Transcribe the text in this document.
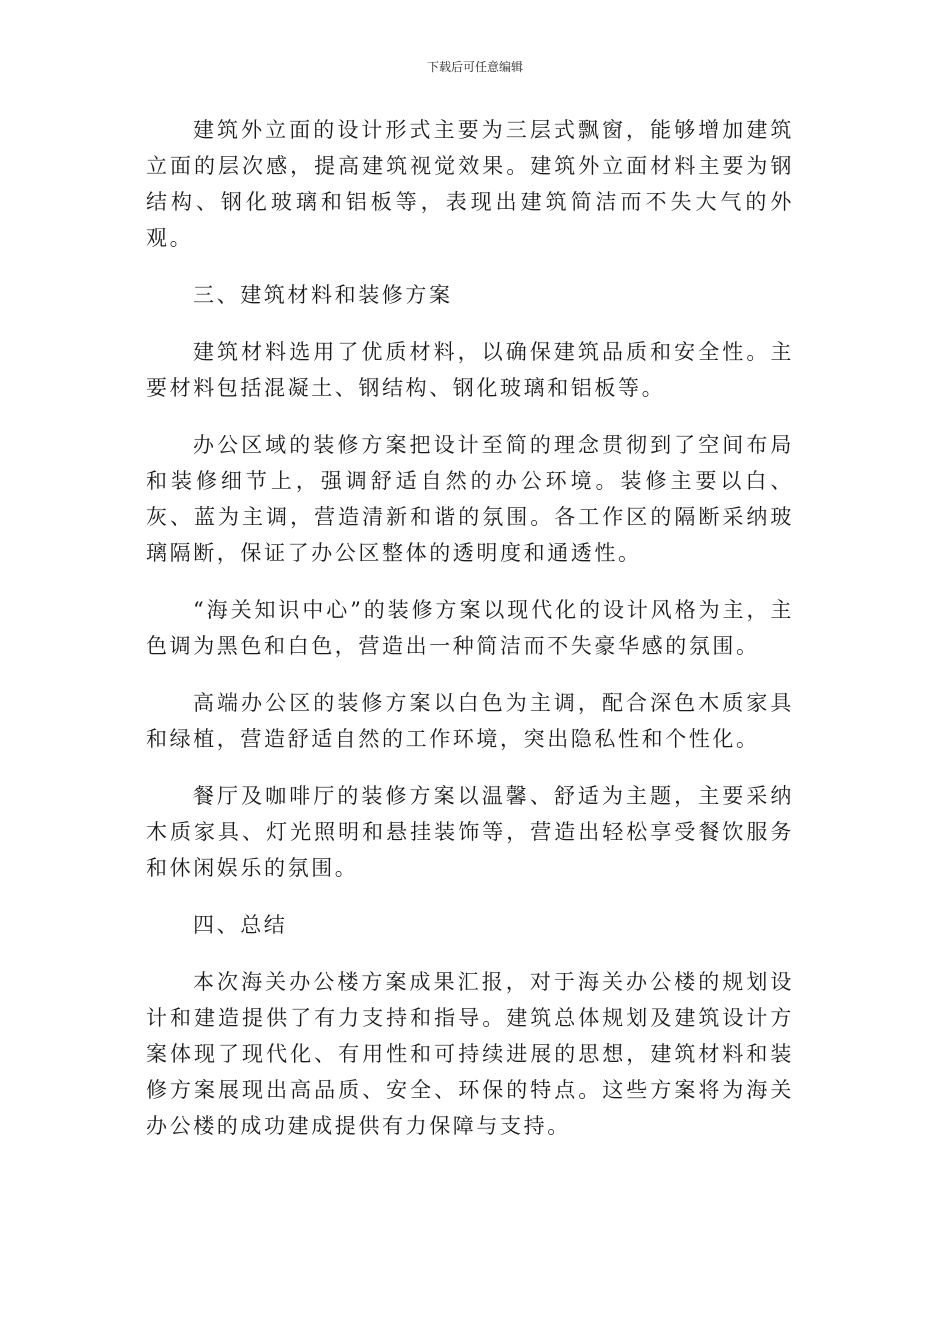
下载后可任意编辑

建筑外立面的设计形式主要为三层式飘窗，能够增加建筑立面的层次感，提高建筑视觉效果。建筑外立面材料主要为钢结构、钢化玻璃和铝板等，表现出建筑简洁而不失大气的外观。

三、建筑材料和装修方案

建筑材料选用了优质材料，以确保建筑品质和安全性。主要材料包括混凝土、钢结构、钢化玻璃和铝板等。

办公区域的装修方案把设计至简的理念贯彻到了空间布局和装修细节上，强调舒适自然的办公环境。装修主要以白、灰、蓝为主调，营造清新和谐的氛围。各工作区的隔断采纳玻璃隔断，保证了办公区整体的透明度和通透性。

“海关知识中心”的装修方案以现代化的设计风格为主，主色调为黑色和白色，营造出一种简洁而不失豪华感的氛围。

高端办公区的装修方案以白色为主调，配合深色木质家具和绿植，营造舒适自然的工作环境，突出隐私性和个性化。

餐厅及咖啡厅的装修方案以温馨、舒适为主题，主要采纳木质家具、灯光照明和悬挂装饰等，营造出轻松享受餐饮服务和休闲娱乐的氛围。

四、总结

本次海关办公楼方案成果汇报，对于海关办公楼的规划设计和建造提供了有力支持和指导。建筑总体规划及建筑设计方案体现了现代化、有用性和可持续进展的思想，建筑材料和装修方案展现出高品质、安全、环保的特点。这些方案将为海关办公楼的成功建成提供有力保障与支持。
